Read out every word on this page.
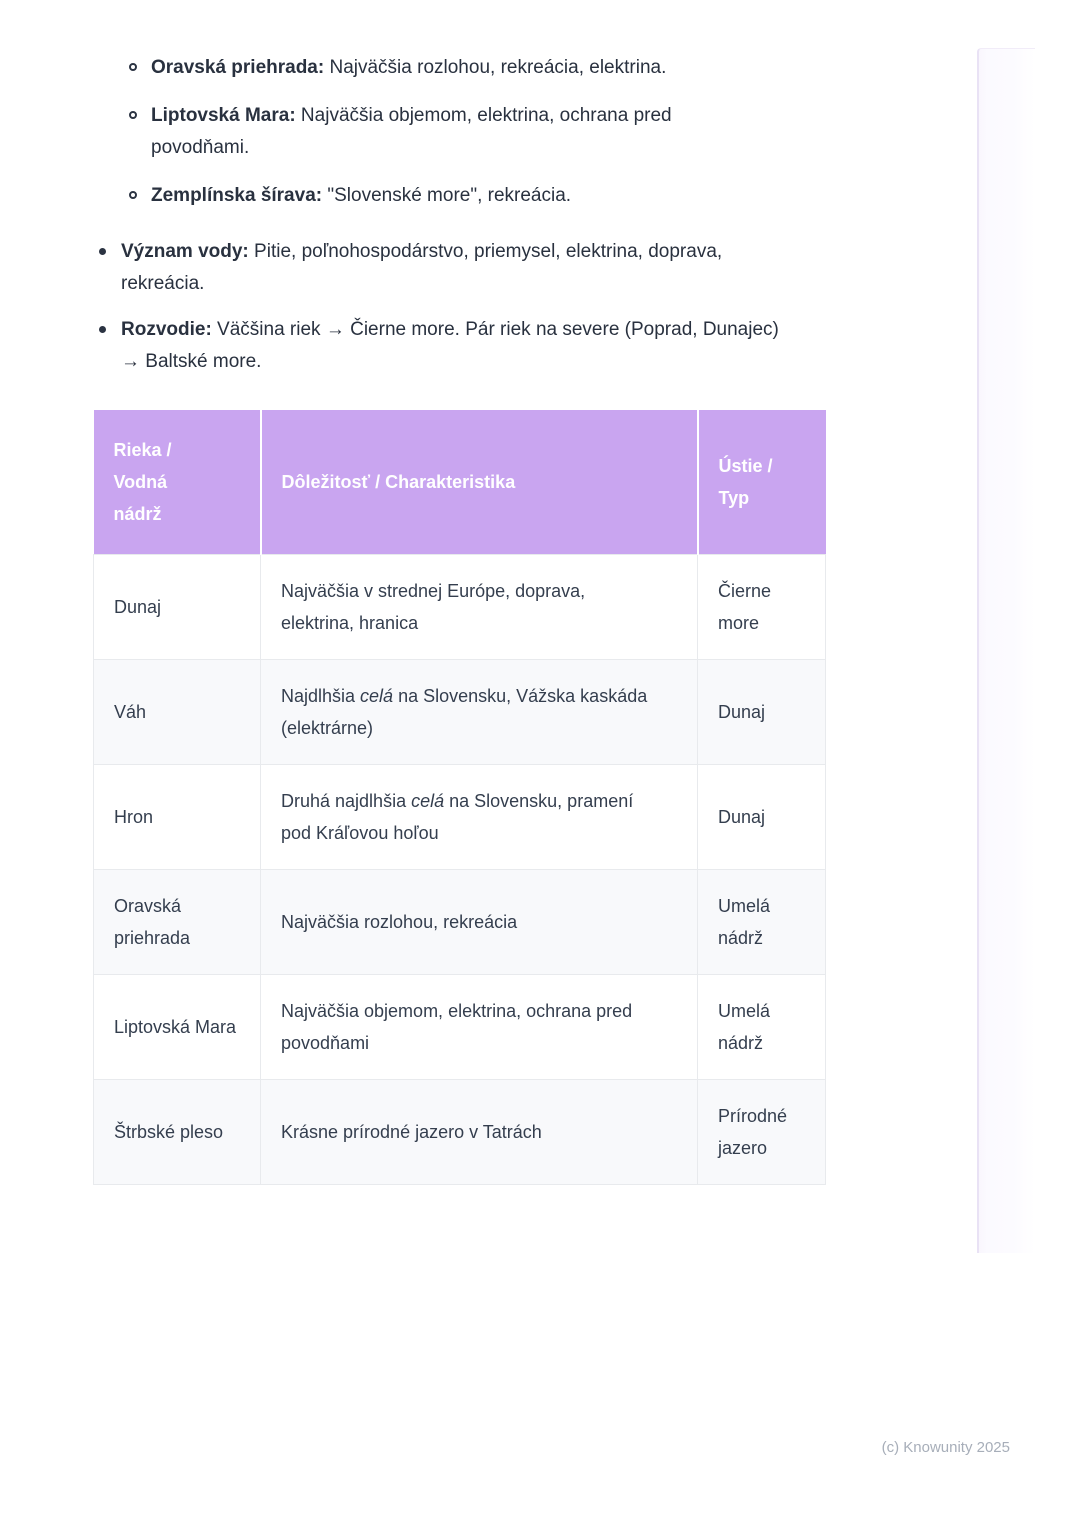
Oravská priehrada: Najväčšia rozlohou, rekreácia, elektrina.

Liptovská Mara: Najväčšia objemom, elektrina, ochrana pred povodňami.

Zemplínska šírava: "Slovenské more", rekreácia.

Význam vody: Pitie, poľnohospodárstvo, priemysel, elektrina, doprava, rekreácia.

Rozvodie: Väčšina riek → Čierne more. Pár riek na severe (Poprad, Dunajec) → Baltské more.

Rieka / Vodná nádrž	Dôležitosť / Charakteristika	Ústie / Typ

Dunaj	Najväčšia v strednej Európe, doprava, elektrina, hranica	Čierne more
Váh	Najdlhšia celá na Slovensku, Vážska kaskáda (elektrárne)	Dunaj
Hron	Druhá najdlhšia celá na Slovensku, pramení pod Kráľovou hoľou	Dunaj
Oravská priehrada	Najväčšia rozlohou, rekreácia	Umelá nádrž
Liptovská Mara	Najväčšia objemom, elektrina, ochrana pred povodňami	Umelá nádrž
Štrbské pleso	Krásne prírodné jazero v Tatrách	Prírodné jazero
(c) Knowunity 2025
